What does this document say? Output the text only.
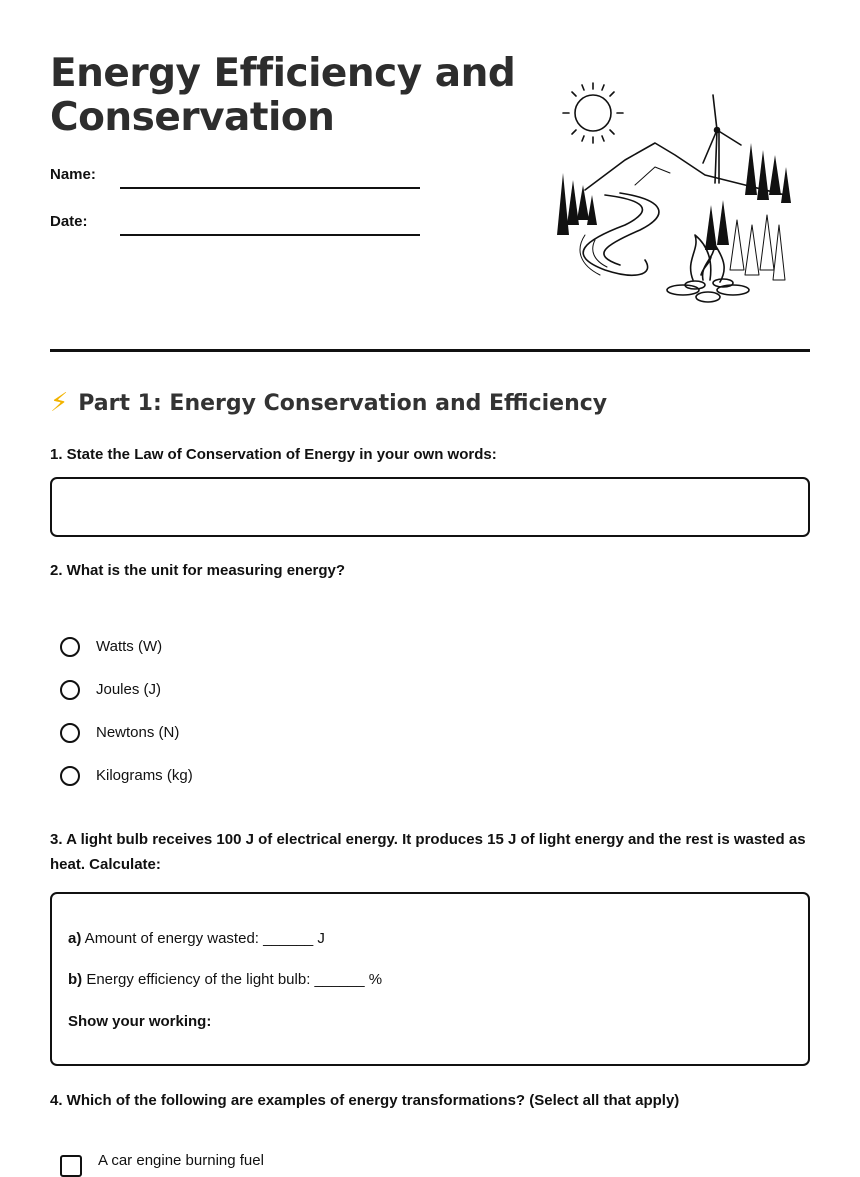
Energy Efficiency and Conservation
Name:
Date:
⚡ Part 1: Energy Conservation and Efficiency
1. State the Law of Conservation of Energy in your own words:
2. What is the unit for measuring energy?
Watts (W)
Joules (J)
Newtons (N)
Kilograms (kg)
3. A light bulb receives 100 J of electrical energy. It produces 15 J of light energy and the rest is wasted as heat. Calculate:
a) Amount of energy wasted: ______ J
b) Energy efficiency of the light bulb: ______ %
Show your working:
4. Which of the following are examples of energy transformations? (Select all that apply)
A car engine burning fuel
